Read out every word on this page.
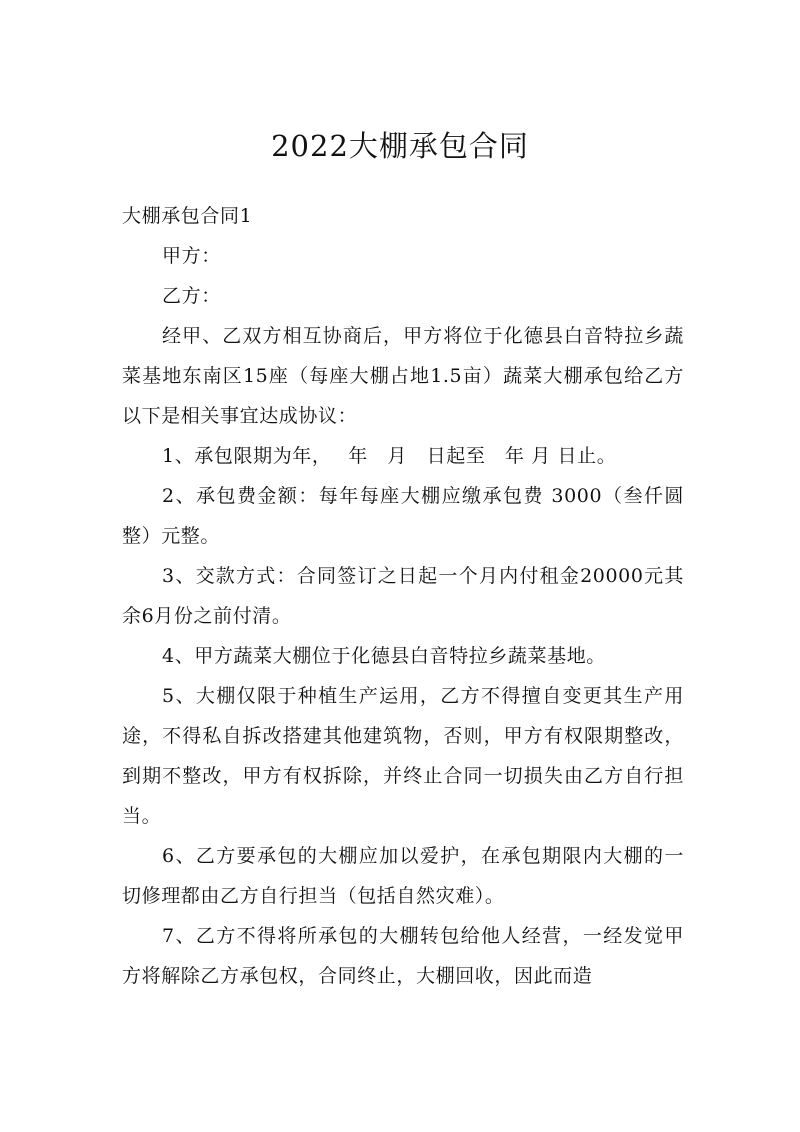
2022大棚承包合同

大棚承包合同1

甲方：

乙方：

经甲、乙双方相互协商后，甲方将位于化德县白音特拉乡蔬菜基地东南区15座（每座大棚占地1.5亩）蔬菜大棚承包给乙方以下是相关事宜达成协议：

1、承包限期为年，　 年　月　日起至　年 月 日止。

2、承包费金额：每年每座大棚应缴承包费 3000（叁仟圆整）元整。

3、交款方式：合同签订之日起一个月内付租金20000元其余6月份之前付清。

4、甲方蔬菜大棚位于化德县白音特拉乡蔬菜基地。

5、大棚仅限于种植生产运用，乙方不得擅自变更其生产用途，不得私自拆改搭建其他建筑物，否则，甲方有权限期整改，到期不整改，甲方有权拆除，并终止合同一切损失由乙方自行担当。

6、乙方要承包的大棚应加以爱护，在承包期限内大棚的一切修理都由乙方自行担当（包括自然灾难）。

7、乙方不得将所承包的大棚转包给他人经营，一经发觉甲方将解除乙方承包权，合同终止，大棚回收，因此而造
